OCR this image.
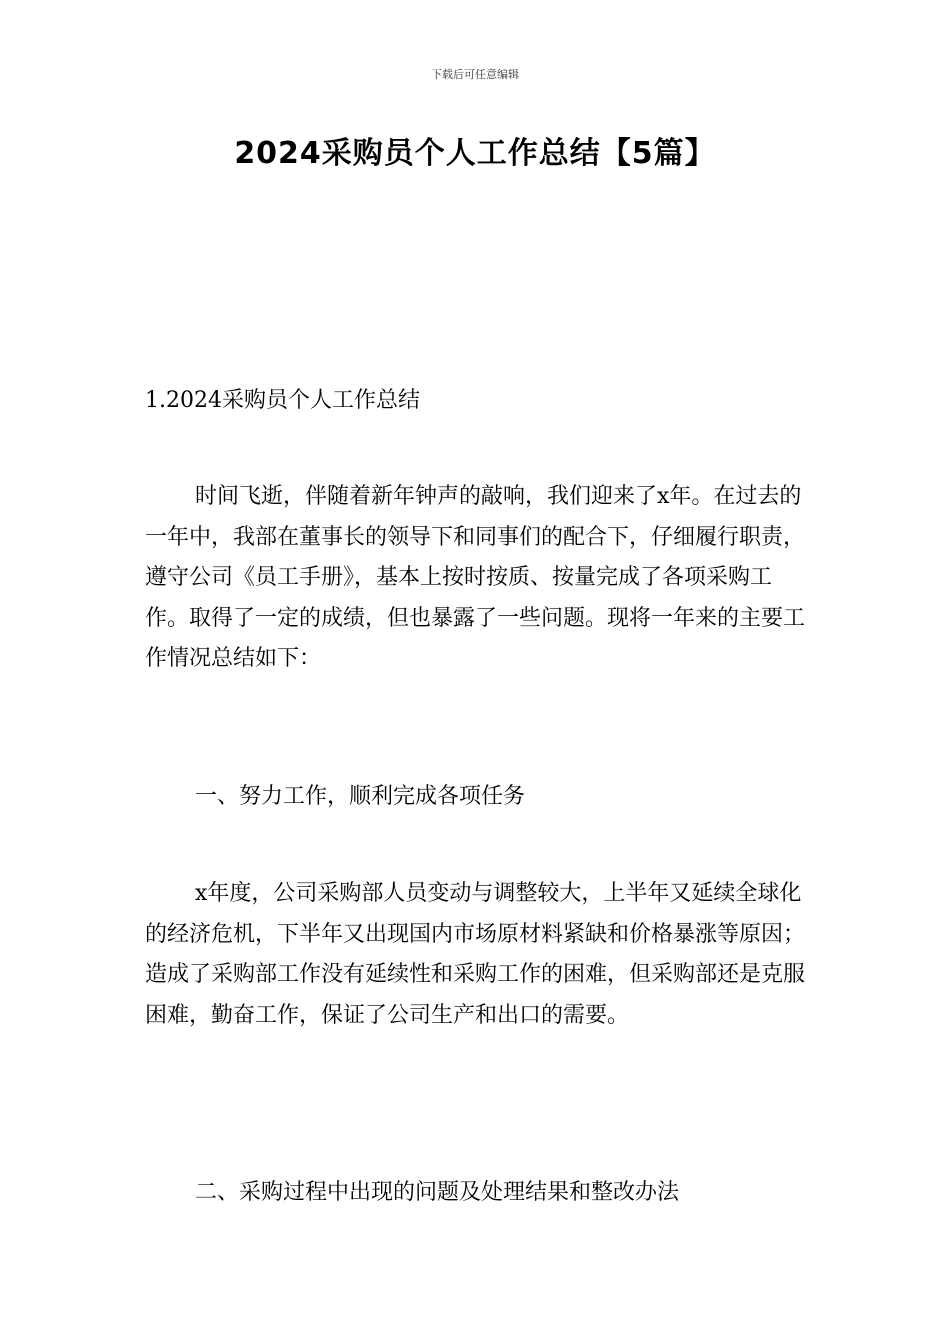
下载后可任意编辑
2024采购员个人工作总结【5篇】

1.2024采购员个人工作总结

时间飞逝，伴随着新年钟声的敲响，我们迎来了x年。在过去的一年中，我部在董事长的领导下和同事们的配合下，仔细履行职责，遵守公司《员工手册》，基本上按时按质、按量完成了各项采购工作。取得了一定的成绩，但也暴露了一些问题。现将一年来的主要工作情况总结如下：

一、努力工作，顺利完成各项任务

x年度，公司采购部人员变动与调整较大，上半年又延续全球化的经济危机，下半年又出现国内市场原材料紧缺和价格暴涨等原因；造成了采购部工作没有延续性和采购工作的困难，但采购部还是克服困难，勤奋工作，保证了公司生产和出口的需要。

二、采购过程中出现的问题及处理结果和整改办法
